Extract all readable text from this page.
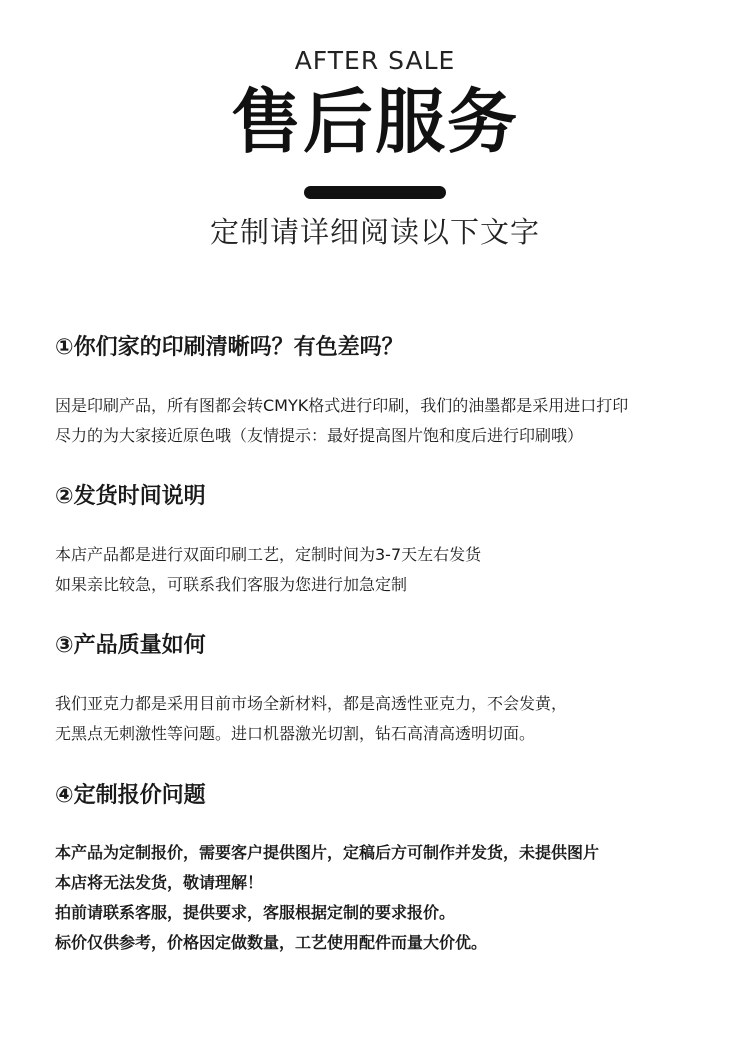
AFTER SALE
售后服务
定制请详细阅读以下文字
①你们家的印刷清晰吗？有色差吗？
因是印刷产品，所有图都会转CMYK格式进行印刷，我们的油墨都是采用进口打印
尽力的为大家接近原色哦（友情提示：最好提高图片饱和度后进行印刷哦）
②发货时间说明
本店产品都是进行双面印刷工艺，定制时间为3-7天左右发货
如果亲比较急，可联系我们客服为您进行加急定制
③产品质量如何
我们亚克力都是采用目前市场全新材料，都是高透性亚克力，不会发黄，
无黑点无刺激性等问题。进口机器激光切割，钻石高清高透明切面。
④定制报价问题
本产品为定制报价，需要客户提供图片，定稿后方可制作并发货，未提供图片
本店将无法发货，敬请理解！
拍前请联系客服，提供要求，客服根据定制的要求报价。
标价仅供参考，价格因定做数量，工艺使用配件而量大价优。
